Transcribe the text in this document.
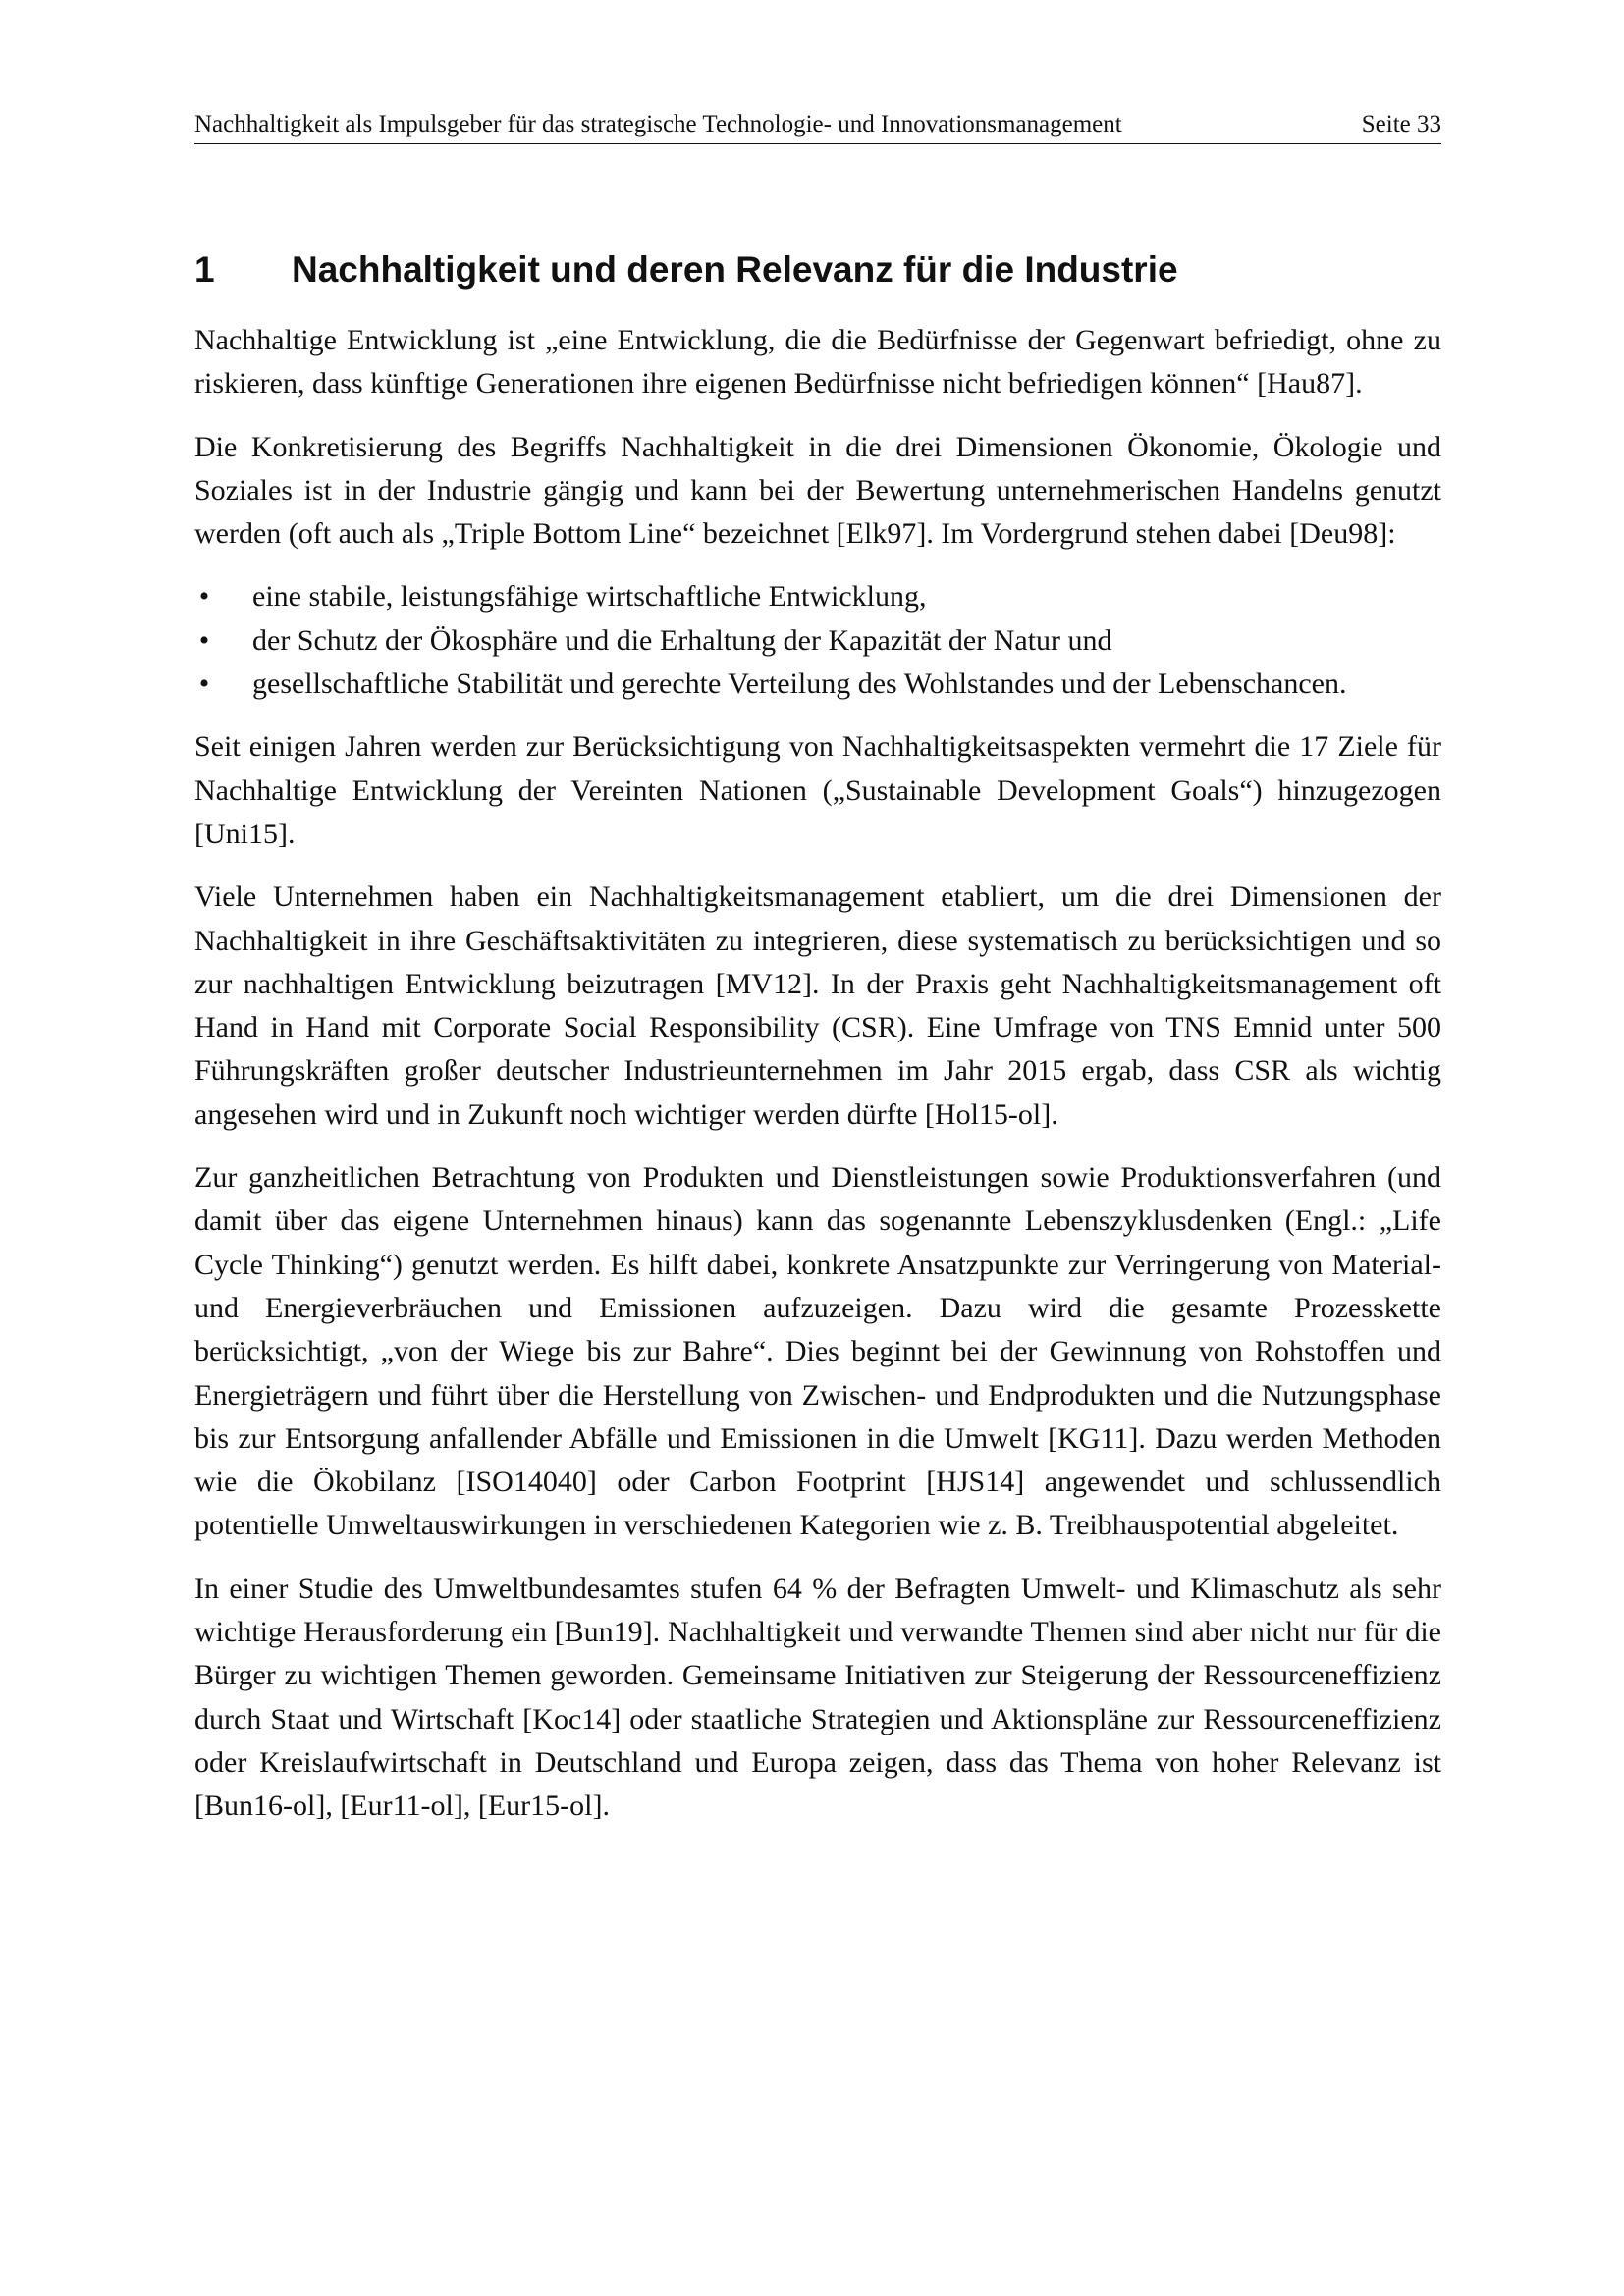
Nachhaltigkeit als Impulsgeber für das strategische Technologie- und Innovationsmanagement	Seite 33
1 Nachhaltigkeit und deren Relevanz für die Industrie

Nachhaltige Entwicklung ist „eine Entwicklung, die die Bedürfnisse der Gegenwart befriedigt, ohne zu riskieren, dass künftige Generationen ihre eigenen Bedürfnisse nicht befriedigen können“ [Hau87].

Die Konkretisierung des Begriffs Nachhaltigkeit in die drei Dimensionen Ökonomie, Ökologie und Soziales ist in der Industrie gängig und kann bei der Bewertung unternehmerischen Handelns genutzt werden (oft auch als „Triple Bottom Line“ bezeichnet [Elk97]. Im Vordergrund stehen dabei [Deu98]:

• eine stabile, leistungsfähige wirtschaftliche Entwicklung,
• der Schutz der Ökosphäre und die Erhaltung der Kapazität der Natur und
• gesellschaftliche Stabilität und gerechte Verteilung des Wohlstandes und der Lebenschancen.

Seit einigen Jahren werden zur Berücksichtigung von Nachhaltigkeitsaspekten vermehrt die 17 Ziele für Nachhaltige Entwicklung der Vereinten Nationen („Sustainable Development Goals“) hinzugezogen [Uni15].

Viele Unternehmen haben ein Nachhaltigkeitsmanagement etabliert, um die drei Dimensionen der Nachhaltigkeit in ihre Geschäftsaktivitäten zu integrieren, diese systematisch zu berücksichtigen und so zur nachhaltigen Entwicklung beizutragen [MV12]. In der Praxis geht Nachhaltigkeitsmanagement oft Hand in Hand mit Corporate Social Responsibility (CSR). Eine Umfrage von TNS Emnid unter 500 Führungskräften großer deutscher Industrieunternehmen im Jahr 2015 ergab, dass CSR als wichtig angesehen wird und in Zukunft noch wichtiger werden dürfte [Hol15-ol].

Zur ganzheitlichen Betrachtung von Produkten und Dienstleistungen sowie Produktionsverfahren (und damit über das eigene Unternehmen hinaus) kann das sogenannte Lebenszyklusdenken (Engl.: „Life Cycle Thinking“) genutzt werden. Es hilft dabei, konkrete Ansatzpunkte zur Verringerung von Material- und Energieverbräuchen und Emissionen aufzuzeigen. Dazu wird die gesamte Prozesskette berücksichtigt, „von der Wiege bis zur Bahre“. Dies beginnt bei der Gewinnung von Rohstoffen und Energieträgern und führt über die Herstellung von Zwischen- und Endprodukten und die Nutzungsphase bis zur Entsorgung anfallender Abfälle und Emissionen in die Umwelt [KG11]. Dazu werden Methoden wie die Ökobilanz [ISO14040] oder Carbon Footprint [HJS14] angewendet und schlussendlich potentielle Umweltauswirkungen in verschiedenen Kategorien wie z. B. Treibhauspotential abgeleitet.

In einer Studie des Umweltbundesamtes stufen 64 % der Befragten Umwelt- und Klimaschutz als sehr wichtige Herausforderung ein [Bun19]. Nachhaltigkeit und verwandte Themen sind aber nicht nur für die Bürger zu wichtigen Themen geworden. Gemeinsame Initiativen zur Steigerung der Ressourceneffizienz durch Staat und Wirtschaft [Koc14] oder staatliche Strategien und Aktionspläne zur Ressourceneffizienz oder Kreislaufwirtschaft in Deutschland und Europa zeigen, dass das Thema von hoher Relevanz ist [Bun16-ol], [Eur11-ol], [Eur15-ol].
